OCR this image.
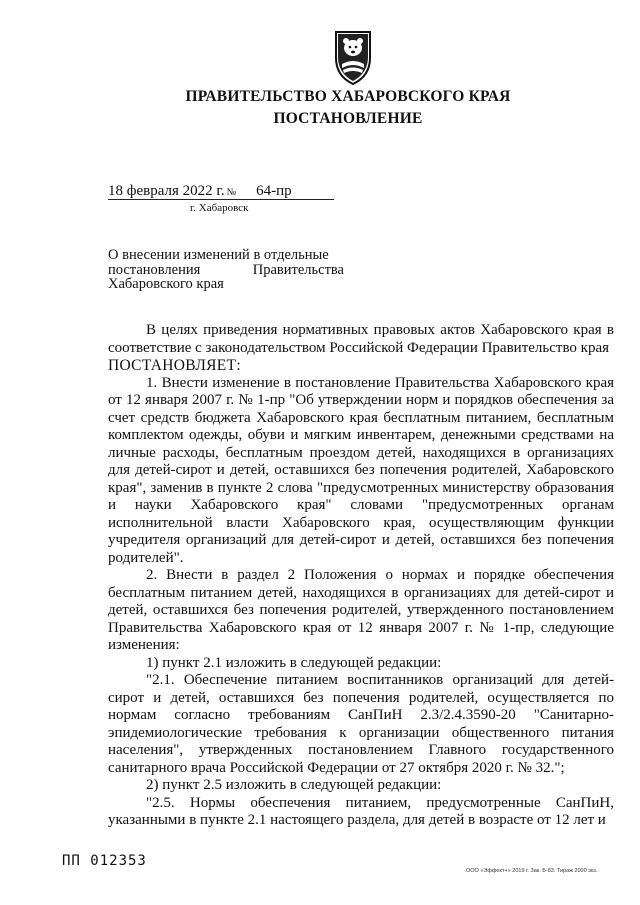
ПРАВИТЕЛЬСТВО ХАБАРОВСКОГО КРАЯ
ПОСТАНОВЛЕНИЕ
18 февраля 2022 г. № 64-пр
г. Хабаровск
О внесении изменений в отдельные
постановления	Правительства
Хабаровского края

В целях приведения нормативных правовых актов Хабаровского края в соответствие с законодательством Российской Федерации Правительство края

ПОСТАНОВЛЯЕТ:

1. Внести изменение в постановление Правительства Хабаровского края от 12 января 2007 г. № 1-пр "Об утверждении норм и порядков обеспечения за счет средств бюджета Хабаровского края бесплатным питанием, бесплатным комплектом одежды, обуви и мягким инвентарем, денежными средствами на личные расходы, бесплатным проездом детей, находящихся в организациях для детей-сирот и детей, оставшихся без попечения родителей, Хабаровского края", заменив в пункте 2 слова "предусмотренных министерству образования и науки Хабаровского края" словами "предусмотренных органам исполнительной власти Хабаровского края, осуществляющим функции учредителя организаций для детей-сирот и детей, оставшихся без попечения родителей".

2. Внести в раздел 2 Положения о нормах и порядке обеспечения бесплатным питанием детей, находящихся в организациях для детей-сирот и детей, оставшихся без попечения родителей, утвержденного постановлением Правительства Хабаровского края от 12 января 2007 г. № 1-пр, следующие изменения:

1) пункт 2.1 изложить в следующей редакции:

"2.1. Обеспечение питанием воспитанников организаций для детей-сирот и детей, оставшихся без попечения родителей, осуществляется по нормам согласно требованиям СанПиН 2.3/2.4.3590-20 "Санитарно-эпидемиологические требования к организации общественного питания населения", утвержденных постановлением Главного государственного санитарного врача Российской Федерации от 27 октября 2020 г. № 32.";

2) пункт 2.5 изложить в следующей редакции:

"2.5. Нормы обеспечения питанием, предусмотренные СанПиН, указанными в пункте 2.1 настоящего раздела, для детей в возрасте от 12 лет и

ПП 012353
ООО «Эффект+» 2019 г. Зак. Б-83. Тираж 2000 экз.
